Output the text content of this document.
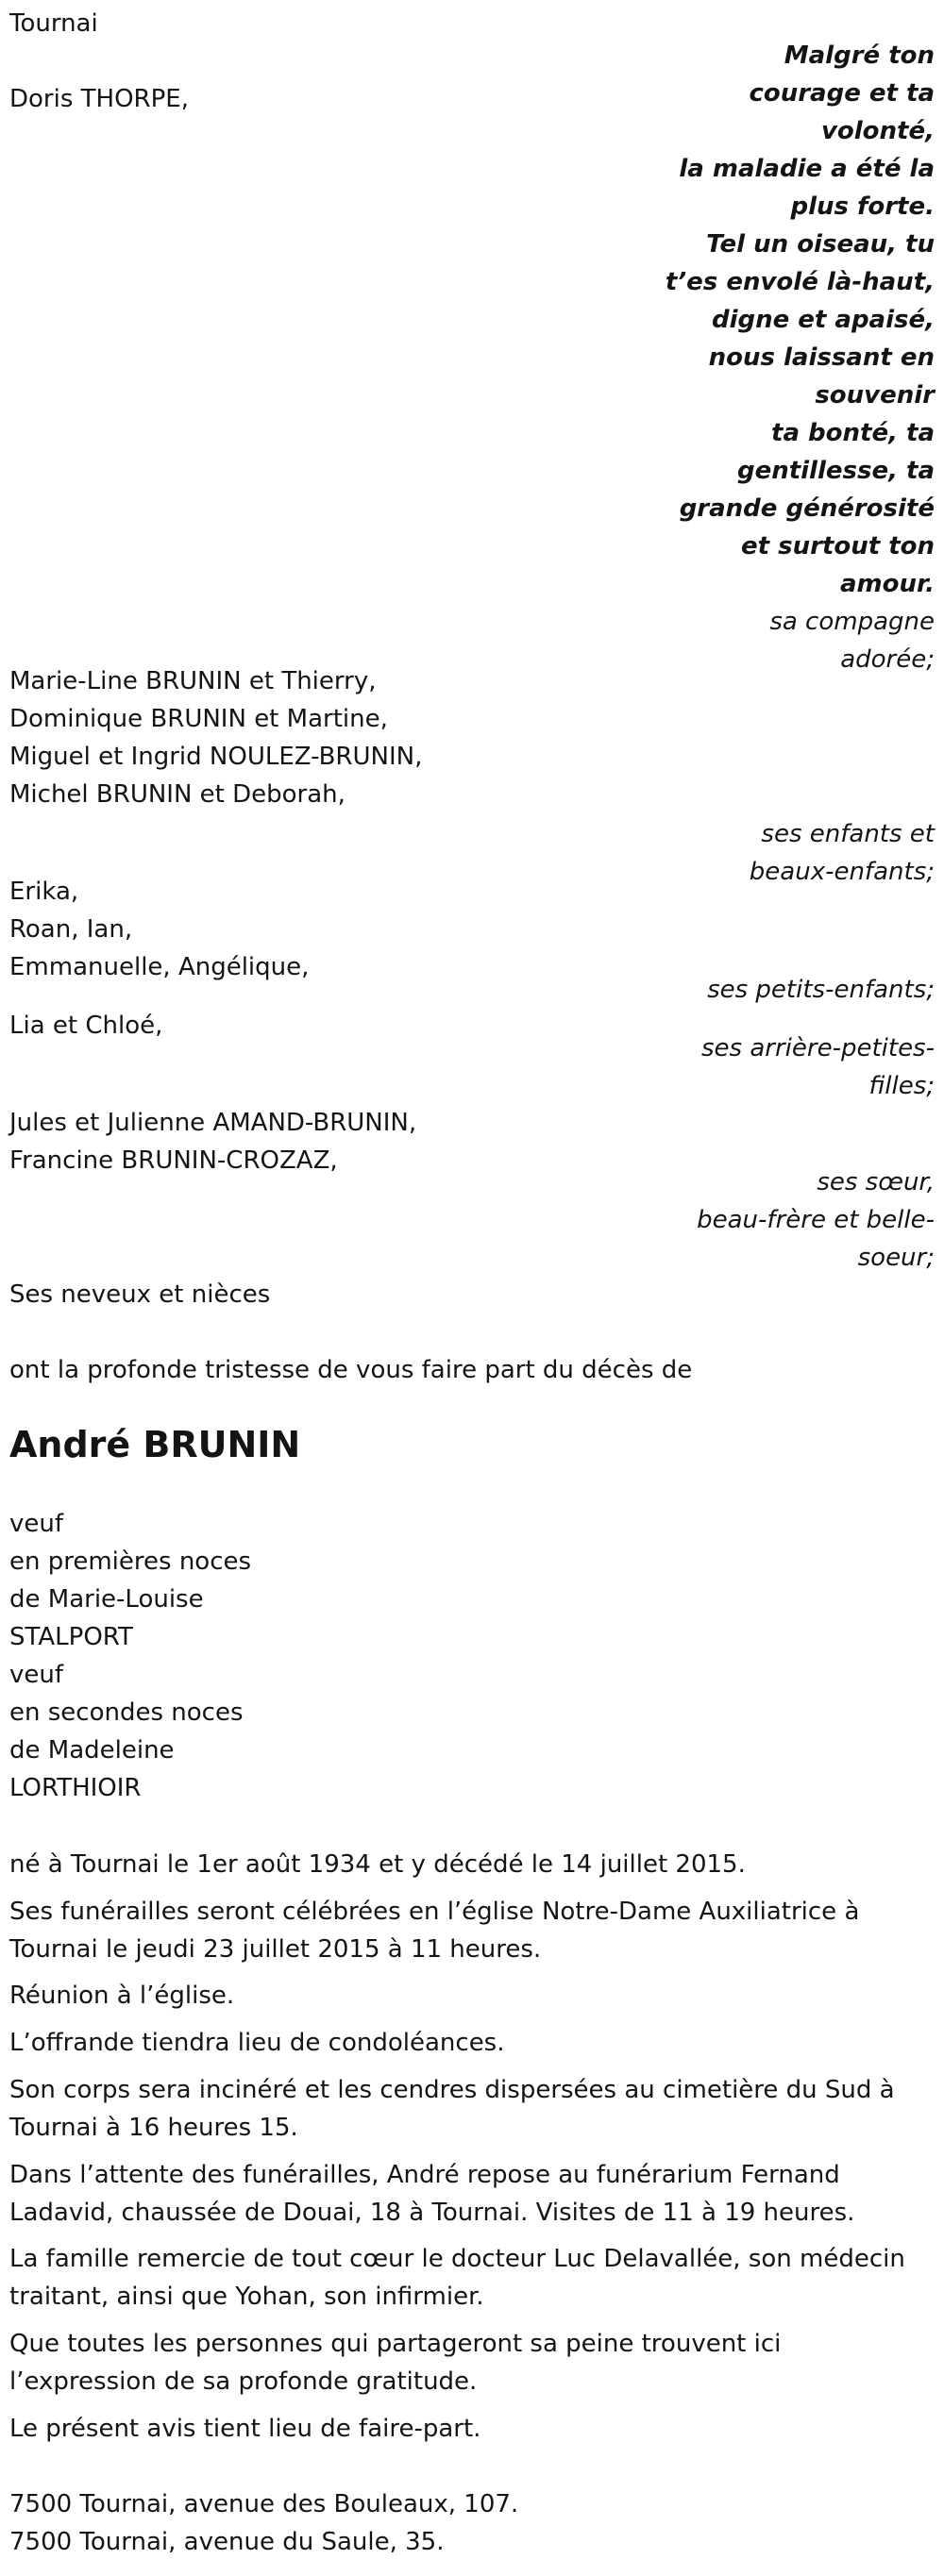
Tournai
Doris THORPE,
Malgré ton
courage et ta
volonté,
la maladie a été la
plus forte.
Tel un oiseau, tu
t’es envolé là-haut,
digne et apaisé,
nous laissant en
souvenir
ta bonté, ta
gentillesse, ta
grande générosité
et surtout ton
amour.
sa compagne
adorée;
Marie-Line BRUNIN et Thierry,
Dominique BRUNIN et Martine,
Miguel et Ingrid NOULEZ-BRUNIN,
Michel BRUNIN et Deborah,
ses enfants et
beaux-enfants;
Erika,
Roan, Ian,
Emmanuelle, Angélique,
ses petits-enfants;
Lia et Chloé,
ses arrière-petites-
filles;
Jules et Julienne AMAND-BRUNIN,
Francine BRUNIN-CROZAZ,
ses sœur,
beau-frère et belle-
soeur;
Ses neveux et nièces
ont la profonde tristesse de vous faire part du décès de
André BRUNIN
veuf
en premières noces
de Marie-Louise
STALPORT
veuf
en secondes noces
de Madeleine
LORTHIOIR
né à Tournai le 1er août 1934 et y décédé le 14 juillet 2015.
Ses funérailles seront célébrées en l’église Notre-Dame Auxiliatrice à
Tournai le jeudi 23 juillet 2015 à 11 heures.
Réunion à l’église.
L’offrande tiendra lieu de condoléances.
Son corps sera incinéré et les cendres dispersées au cimetière du Sud à
Tournai à 16 heures 15.
Dans l’attente des funérailles, André repose au funérarium Fernand
Ladavid, chaussée de Douai, 18 à Tournai. Visites de 11 à 19 heures.
La famille remercie de tout cœur le docteur Luc Delavallée, son médecin
traitant, ainsi que Yohan, son infirmier.
Que toutes les personnes qui partageront sa peine trouvent ici
l’expression de sa profonde gratitude.
Le présent avis tient lieu de faire-part.
7500 Tournai, avenue des Bouleaux, 107.
7500 Tournai, avenue du Saule, 35.
